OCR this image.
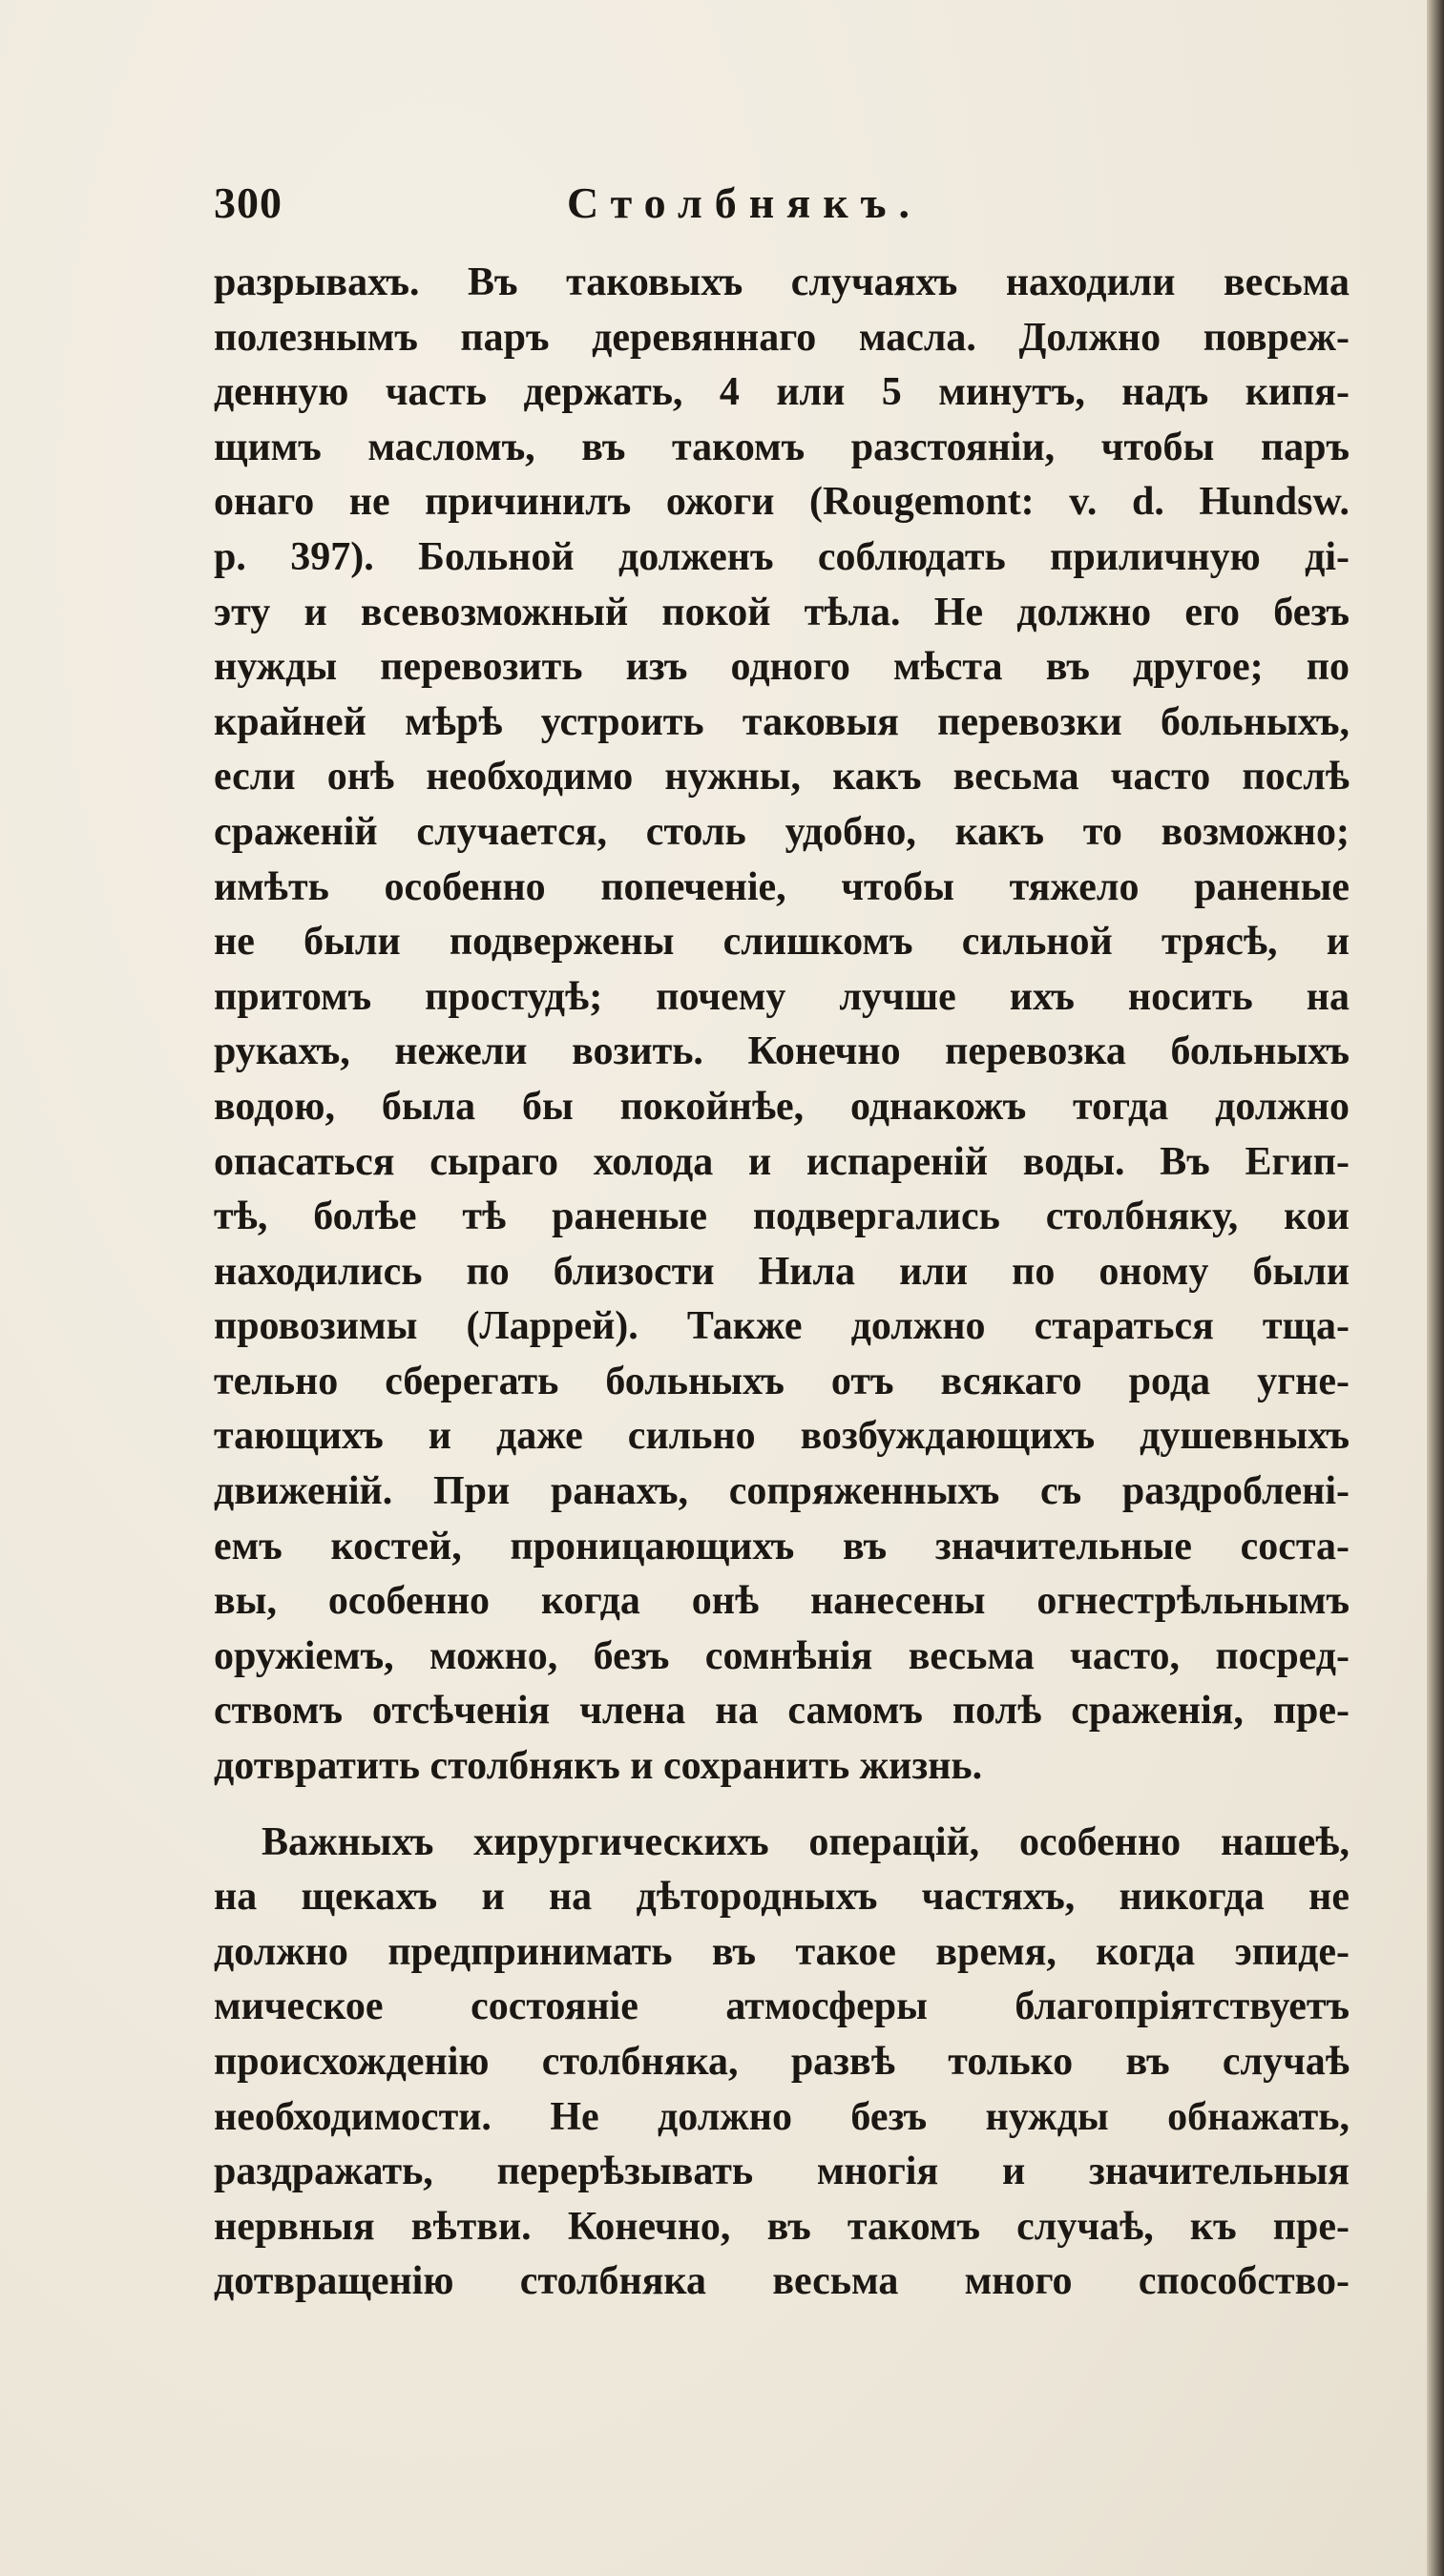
300	Столбнякъ.
разрывахъ. Въ таковыхъ случаяхъ находили весьма
полезнымъ паръ деревяннаго масла. Должно повреж-
денную часть держать, 4 или 5 минутъ, надъ кипя-
щимъ масломъ, въ такомъ разстояніи, чтобы паръ
онаго не причинилъ ожоги (Rougemont: v. d. Hundsw.
p. 397). Больной долженъ соблюдать приличную ді-
эту и всевозможный покой тѣла. Не должно его безъ
нужды перевозить изъ одного мѣста въ другое; по
крайней мѣрѣ устроить таковыя перевозки больныхъ,
если онѣ необходимо нужны, какъ весьма часто послѣ
сраженій случается, столь удобно, какъ то возможно;
имѣть особенно попеченіе, чтобы тяжело раненые
не были подвержены слишкомъ сильной трясѣ, и
притомъ простудѣ; почему лучше ихъ носить на
рукахъ, нежели возить. Конечно перевозка больныхъ
водою, была бы покойнѣе, однакожъ тогда должно
опасаться сыраго холода и испареній воды. Въ Егип-
тѣ, болѣе тѣ раненые подвергались столбняку, кои
находились по близости Нила или по оному были
провозимы (Ларрей). Также должно стараться тща-
тельно сберегать больныхъ отъ всякаго рода угне-
тающихъ и даже сильно возбуждающихъ душевныхъ
движеній. При ранахъ, сопряженныхъ съ раздробленi-
емъ костей, проницающихъ въ значительные соста-
вы, особенно когда онѣ нанесены огнестрѣльнымъ
оружіемъ, можно, безъ сомнѣнія весьма часто, посред-
ствомъ отсѣченія члена на самомъ полѣ сраженія, пре-
дотвратить столбнякъ и сохранить жизнь.
Важныхъ хирургическихъ операцій, особенно нашеѣ,
на щекахъ и на дѣтородныхъ частяхъ, никогда не
должно предпринимать въ такое время, когда эпиде-
мическое состояніе атмосферы благопріятствуетъ
происхожденію столбняка, развѣ только въ случаѣ
необходимости. Не должно безъ нужды обнажать,
раздражать, перерѣзывать многія и значительныя
нервныя вѣтви. Конечно, въ такомъ случаѣ, къ пре-
дотвращенію столбняка весьма много способство-
